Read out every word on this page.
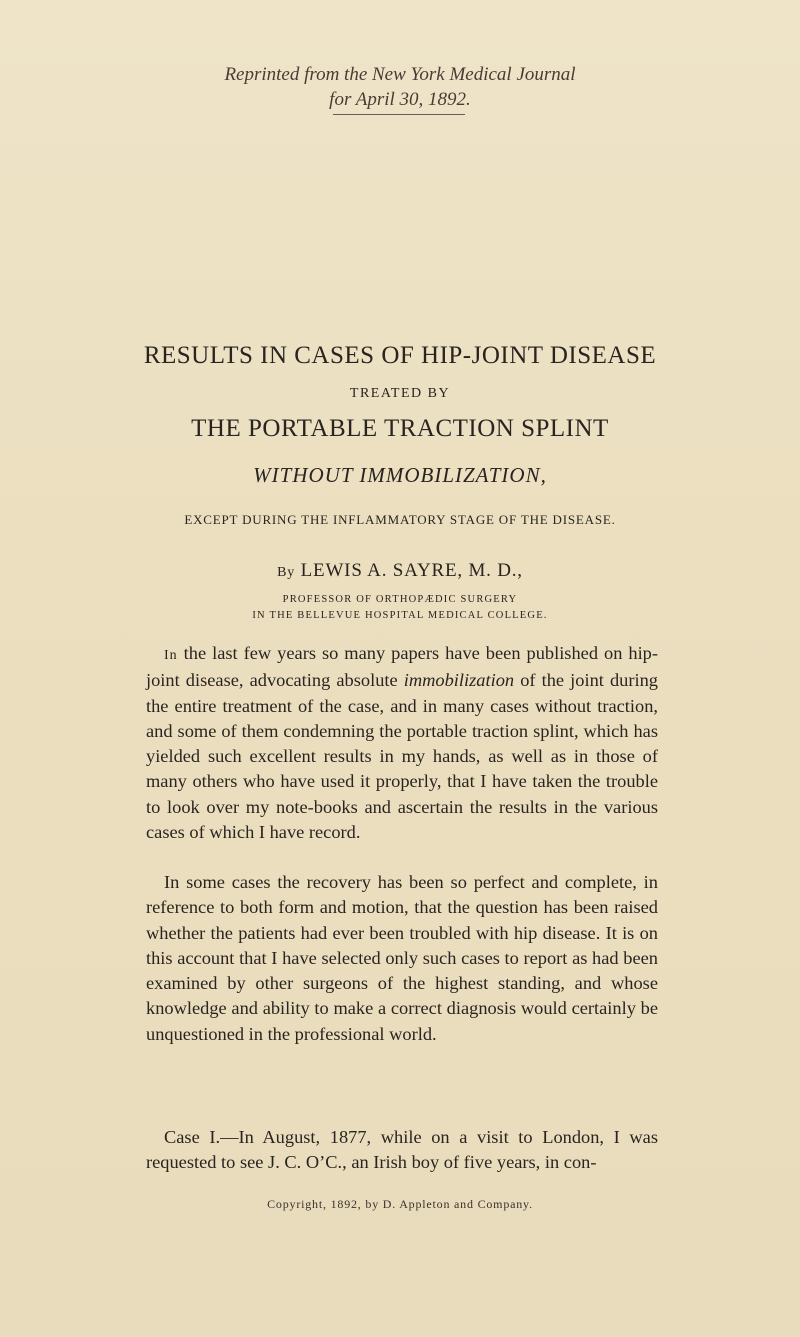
Reprinted from the New York Medical Journal
for April 30, 1892.
RESULTS IN CASES OF HIP-JOINT DISEASE
TREATED BY
THE PORTABLE TRACTION SPLINT
WITHOUT IMMOBILIZATION,
EXCEPT DURING THE INFLAMMATORY STAGE OF THE DISEASE.
By LEWIS A. SAYRE, M. D.,
PROFESSOR OF ORTHOPÆDIC SURGERY
IN THE BELLEVUE HOSPITAL MEDICAL COLLEGE.
In the last few years so many papers have been published on hip-joint disease, advocating absolute immobilization of the joint during the entire treatment of the case, and in many cases without traction, and some of them condemning the portable traction splint, which has yielded such excellent results in my hands, as well as in those of many others who have used it properly, that I have taken the trouble to look over my note-books and ascertain the results in the various cases of which I have record.
In some cases the recovery has been so perfect and complete, in reference to both form and motion, that the question has been raised whether the patients had ever been troubled with hip disease. It is on this account that I have selected only such cases to report as had been examined by other surgeons of the highest standing, and whose knowledge and ability to make a correct diagnosis would certainly be unquestioned in the professional world.
Case I.—In August, 1877, while on a visit to London, I was requested to see J. C. O’C., an Irish boy of five years, in con-
Copyright, 1892, by D. Appleton and Company.
